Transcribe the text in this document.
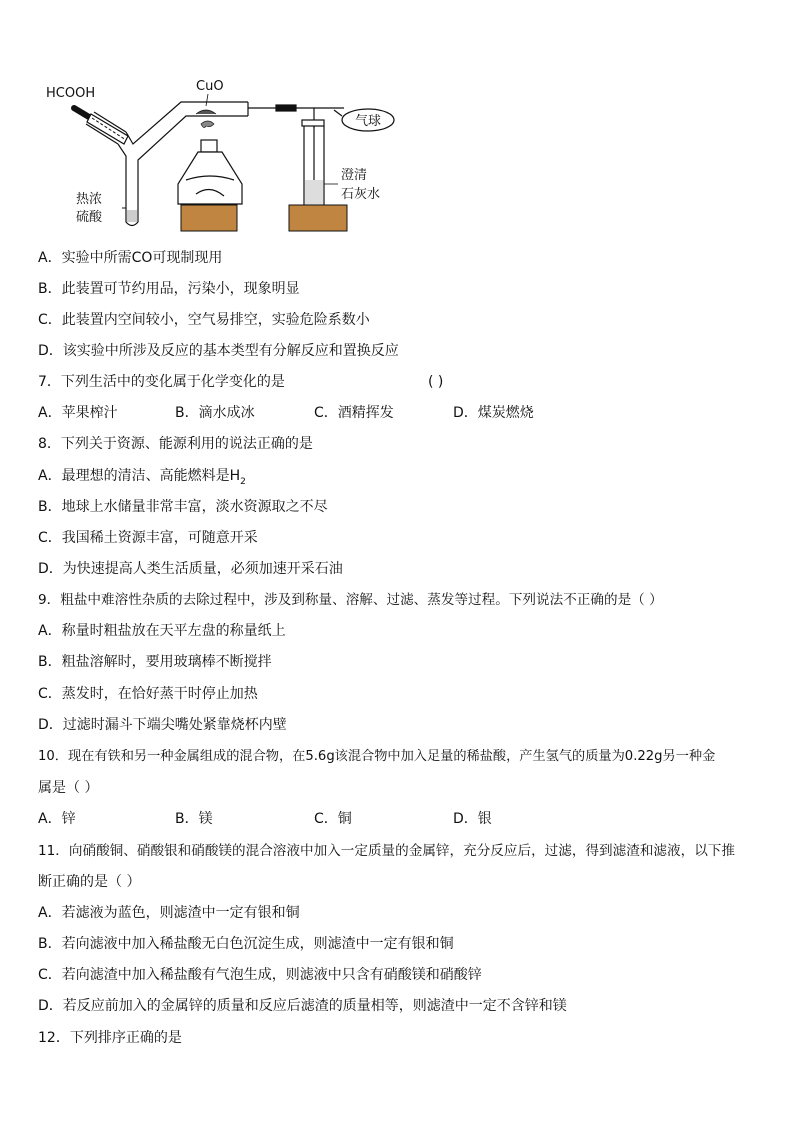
HCOOH
热浓
硫酸
CuO
澄清
石灰水
气球
A．实验中所需CO可现制现用
B．此装置可节约用品，污染小，现象明显
C．此装置内空间较小，空气易排空，实验危险系数小
D．该实验中所涉及反应的基本类型有分解反应和置换反应
7．下列生活中的变化属于化学变化的是	( )
A．苹果榨汁	B．滴水成冰	C．酒精挥发	D．煤炭燃烧
8．下列关于资源、能源利用的说法正确的是
A．最理想的清洁、高能燃料是$H_2$
B．地球上水储量非常丰富，淡水资源取之不尽
C．我国稀土资源丰富，可随意开采
D．为快速提高人类生活质量，必须加速开采石油
9．粗盐中难溶性杂质的去除过程中，涉及到称量、溶解、过滤、蒸发等过程。下列说法不正确的是（ ）
A．称量时粗盐放在天平左盘的称量纸上
B．粗盐溶解时，要用玻璃棒不断搅拌
C．蒸发时，在恰好蒸干时停止加热
D．过滤时漏斗下端尖嘴处紧靠烧杯内壁
10．现在有铁和另一种金属组成的混合物，在5.6g该混合物中加入足量的稀盐酸，产生氢气的质量为0.22g另一种金
属是（ ）
A．锌	B．镁	C．铜	D．银
11．向硝酸铜、硝酸银和硝酸镁的混合溶液中加入一定质量的金属锌，充分反应后，过滤，得到滤渣和滤液，以下推
断正确的是（ ）
A．若滤液为蓝色，则滤渣中一定有银和铜
B．若向滤液中加入稀盐酸无白色沉淀生成，则滤渣中一定有银和铜
C．若向滤渣中加入稀盐酸有气泡生成，则滤液中只含有硝酸镁和硝酸锌
D．若反应前加入的金属锌的质量和反应后滤渣的质量相等，则滤渣中一定不含锌和镁
12．下列排序正确的是
